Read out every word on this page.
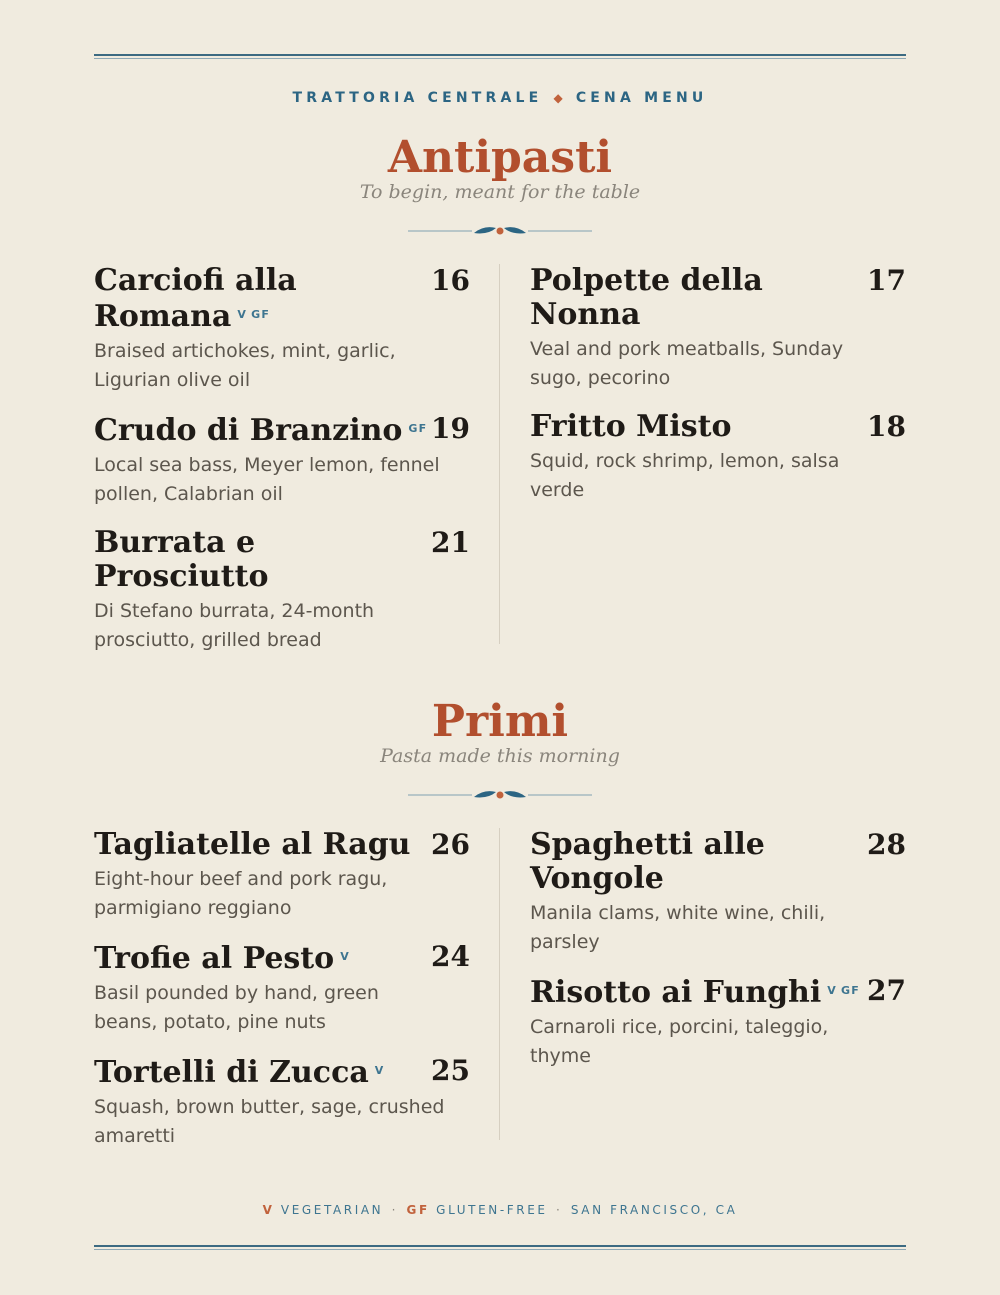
TRATTORIA CENTRALE ◆ CENA MENU
Antipasti
To begin, meant for the table
Carciofi alla Romana $^V$ $^{GF}$
16
Braised artichokes, mint, garlic, Ligurian olive oil
Crudo di Branzino $^{GF}$ 19
Local sea bass, Meyer lemon, fennel pollen, Calabrian oil
Burrata e Prosciutto
21
Di Stefano burrata, 24-month prosciutto, grilled bread
Polpette della Nonna
17
Veal and pork meatballs, Sunday sugo, pecorino
Fritto Misto	18
Squid, rock shrimp, lemon, salsa verde
Primi
Pasta made this morning
Tagliatelle al Ragu 26
Eight-hour beef and pork ragu, parmigiano reggiano
Trofie al Pesto $^V$	24
Basil pounded by hand, green beans, potato, pine nuts
Tortelli di Zucca $^V$ 25
Squash, brown butter, sage, crushed amaretti
Spaghetti alle Vongole
28
Manila clams, white wine, chili, parsley
Risotto ai Funghi $^V$ $^{GF}$ 27
Carnaroli rice, porcini, taleggio, thyme
V VEGETARIAN · GF GLUTEN-FREE · SAN FRANCISCO, CA
